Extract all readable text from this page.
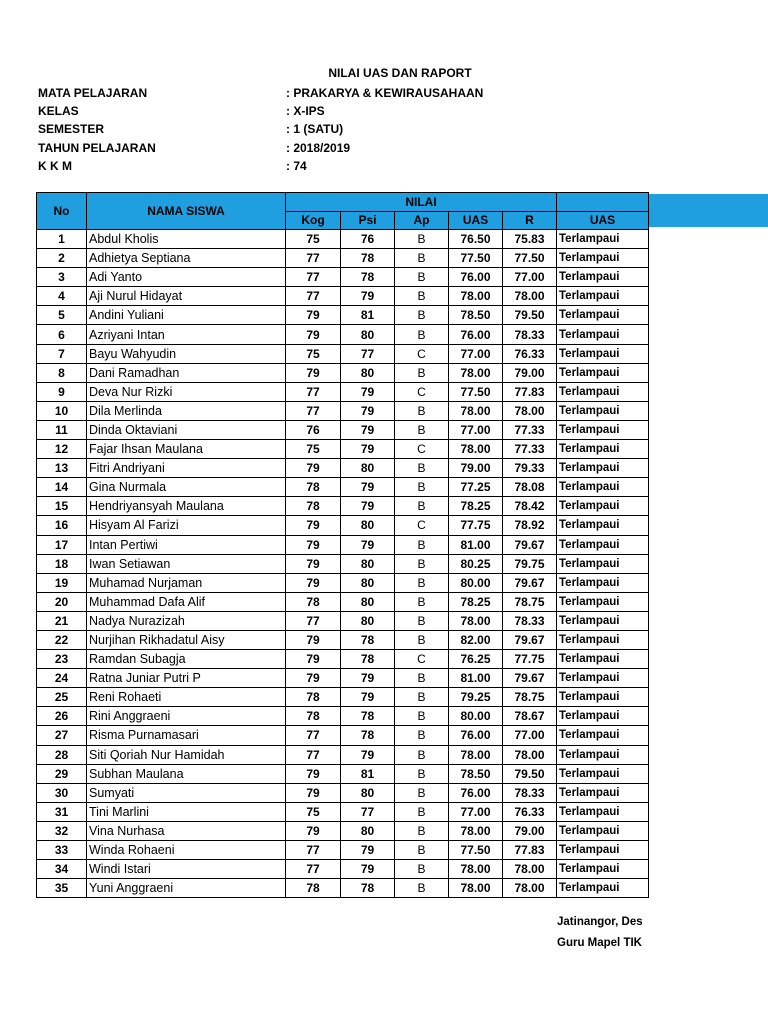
NILAI UAS DAN RAPORT
MATA PELAJARAN	: PRAKARYA & KEWIRAUSAHAAN
KELAS	: X-IPS
SEMESTER	: 1 (SATU)
TAHUN PELAJARAN	: 2018/2019
K K M	: 74
No	NAMA SISWA	NILAI					
		Kog	Psi	Ap	UAS	R	UAS
1	Abdul Kholis	75	76	B	76.50	75.83	Terlampaui
2	Adhietya Septiana	77	78	B	77.50	77.50	Terlampaui
3	Adi Yanto	77	78	B	76.00	77.00	Terlampaui
4	Aji Nurul Hidayat	77	79	B	78.00	78.00	Terlampaui
5	Andini Yuliani	79	81	B	78.50	79.50	Terlampaui
6	Azriyani Intan	79	80	B	76.00	78.33	Terlampaui
7	Bayu Wahyudin	75	77	C	77.00	76.33	Terlampaui
8	Dani Ramadhan	79	80	B	78.00	79.00	Terlampaui
9	Deva Nur Rizki	77	79	C	77.50	77.83	Terlampaui
10	Dila Merlinda	77	79	B	78.00	78.00	Terlampaui
11	Dinda Oktaviani	76	79	B	77.00	77.33	Terlampaui
12	Fajar Ihsan Maulana	75	79	C	78.00	77.33	Terlampaui
13	Fitri Andriyani	79	80	B	79.00	79.33	Terlampaui
14	Gina Nurmala	78	79	B	77.25	78.08	Terlampaui
15	Hendriyansyah Maulana	78	79	B	78.25	78.42	Terlampaui
16	Hisyam Al Farizi	79	80	C	77.75	78.92	Terlampaui
17	Intan Pertiwi	79	79	B	81.00	79.67	Terlampaui
18	Iwan Setiawan	79	80	B	80.25	79.75	Terlampaui
19	Muhamad Nurjaman	79	80	B	80.00	79.67	Terlampaui
20	Muhammad Dafa Alif	78	80	B	78.25	78.75	Terlampaui
21	Nadya Nurazizah	77	80	B	78.00	78.33	Terlampaui
22	Nurjihan Rikhadatul Aisy	79	78	B	82.00	79.67	Terlampaui
23	Ramdan Subagja	79	78	C	76.25	77.75	Terlampaui
24	Ratna Juniar Putri P	79	79	B	81.00	79.67	Terlampaui
25	Reni Rohaeti	78	79	B	79.25	78.75	Terlampaui
26	Rini Anggraeni	78	78	B	80.00	78.67	Terlampaui
27	Risma Purnamasari	77	78	B	76.00	77.00	Terlampaui
28	Siti Qoriah Nur Hamidah	77	79	B	78.00	78.00	Terlampaui
29	Subhan Maulana	79	81	B	78.50	79.50	Terlampaui
30	Sumyati	79	80	B	76.00	78.33	Terlampaui
31	Tini Marlini	75	77	B	77.00	76.33	Terlampaui
32	Vina Nurhasa	79	80	B	78.00	79.00	Terlampaui
33	Winda Rohaeni	77	79	B	77.50	77.83	Terlampaui
34	Windi Istari	77	79	B	78.00	78.00	Terlampaui
35	Yuni Anggraeni	78	78	B	78.00	78.00	Terlampaui
Jatinangor, Des
Guru Mapel TIK
